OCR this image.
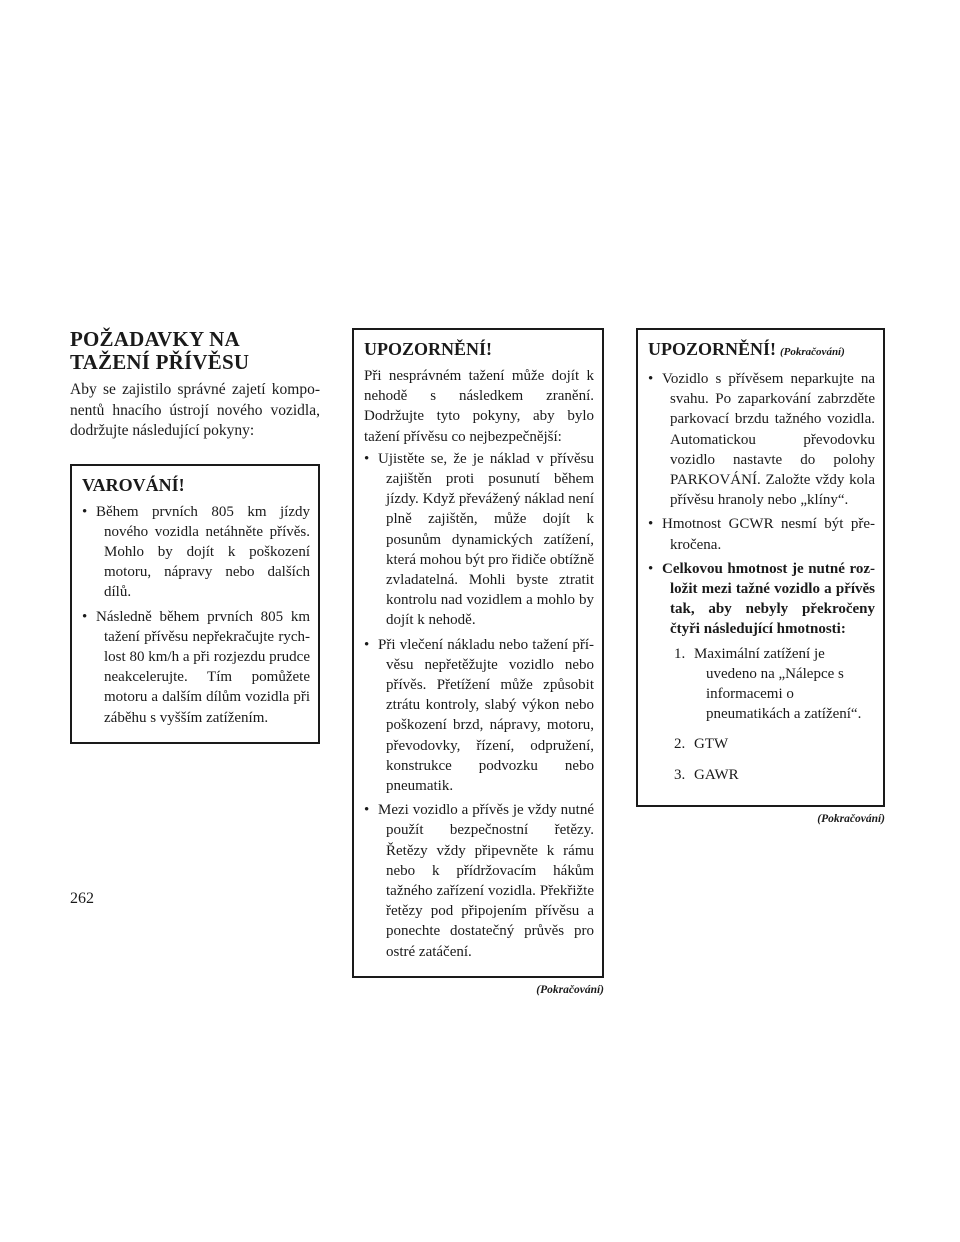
POŽADAVKY NA TAŽENÍ PŘÍVĚSU

Aby se zajistilo správné zajetí komponentů hnacího ústrojí nového vozidla, dodržujte následující pokyny:

VAROVÁNÍ!
• Během prvních 805 km jízdy nového vozidla netáhněte přívěs. Mohlo by dojít k poškození motoru, nápravy nebo dalších dílů.
• Následně během prvních 805 km tažení přívěsu nepřekračujte rychlost 80 km/h a při rozjezdu prudce neakcelerujte. Tím pomůžete motoru a dalším dílům vozidla při záběhu s vyšším zatížením.
UPOZORNĚNÍ!

Při nesprávném tažení může dojít k nehodě s následkem zranění. Dodržujte tyto pokyny, aby bylo tažení přívěsu co nejbezpečnější:

• Ujistěte se, že je náklad v přívěsu zajištěn proti posunutí během jízdy. Když převážený náklad není plně zajištěn, může dojít k posunům dynamických zatížení, která mohou být pro řidiče obtížně zvladatelná. Mohli byste ztratit kontrolu nad vozidlem a mohlo by dojít k nehodě.
• Při vlečení nákladu nebo tažení přívěsu nepřetěžujte vozidlo nebo přívěs. Přetížení může způsobit ztrátu kontroly, slabý výkon nebo poškození brzd, nápravy, motoru, převodovky, řízení, odpružení, konstrukce podvozku nebo pneumatik.
• Mezi vozidlo a přívěs je vždy nutné použít bezpečnostní řetězy. Řetězy vždy připevněte k rámu nebo k přídržovacím hákům tažného zařízení vozidla. Překřižte řetězy pod připojením přívěsu a ponechte dostatečný průvěs pro ostré zatáčení.
(Pokračování)
UPOZORNĚNÍ! (Pokračování)
• Vozidlo s přívěsem neparkujte na svahu. Po zaparkování zabrzděte parkovací brzdu tažného vozidla. Automatickou převodovku vozidlo nastavte do polohy PARKOVÁNÍ. Založte vždy kola přívěsu hranoly nebo „klíny“.
• Hmotnost GCWR nesmí být překročena.
• Celkovou hmotnost je nutné rozložit mezi tažné vozidlo a přívěs tak, aby nebyly překročeny čtyři následující hmotnosti:
1. Maximální zatížení je uvedeno na „Nálepce s informacemi o pneumatikách a zatížení“.
2. GTW
3. GAWR
(Pokračování)
262
